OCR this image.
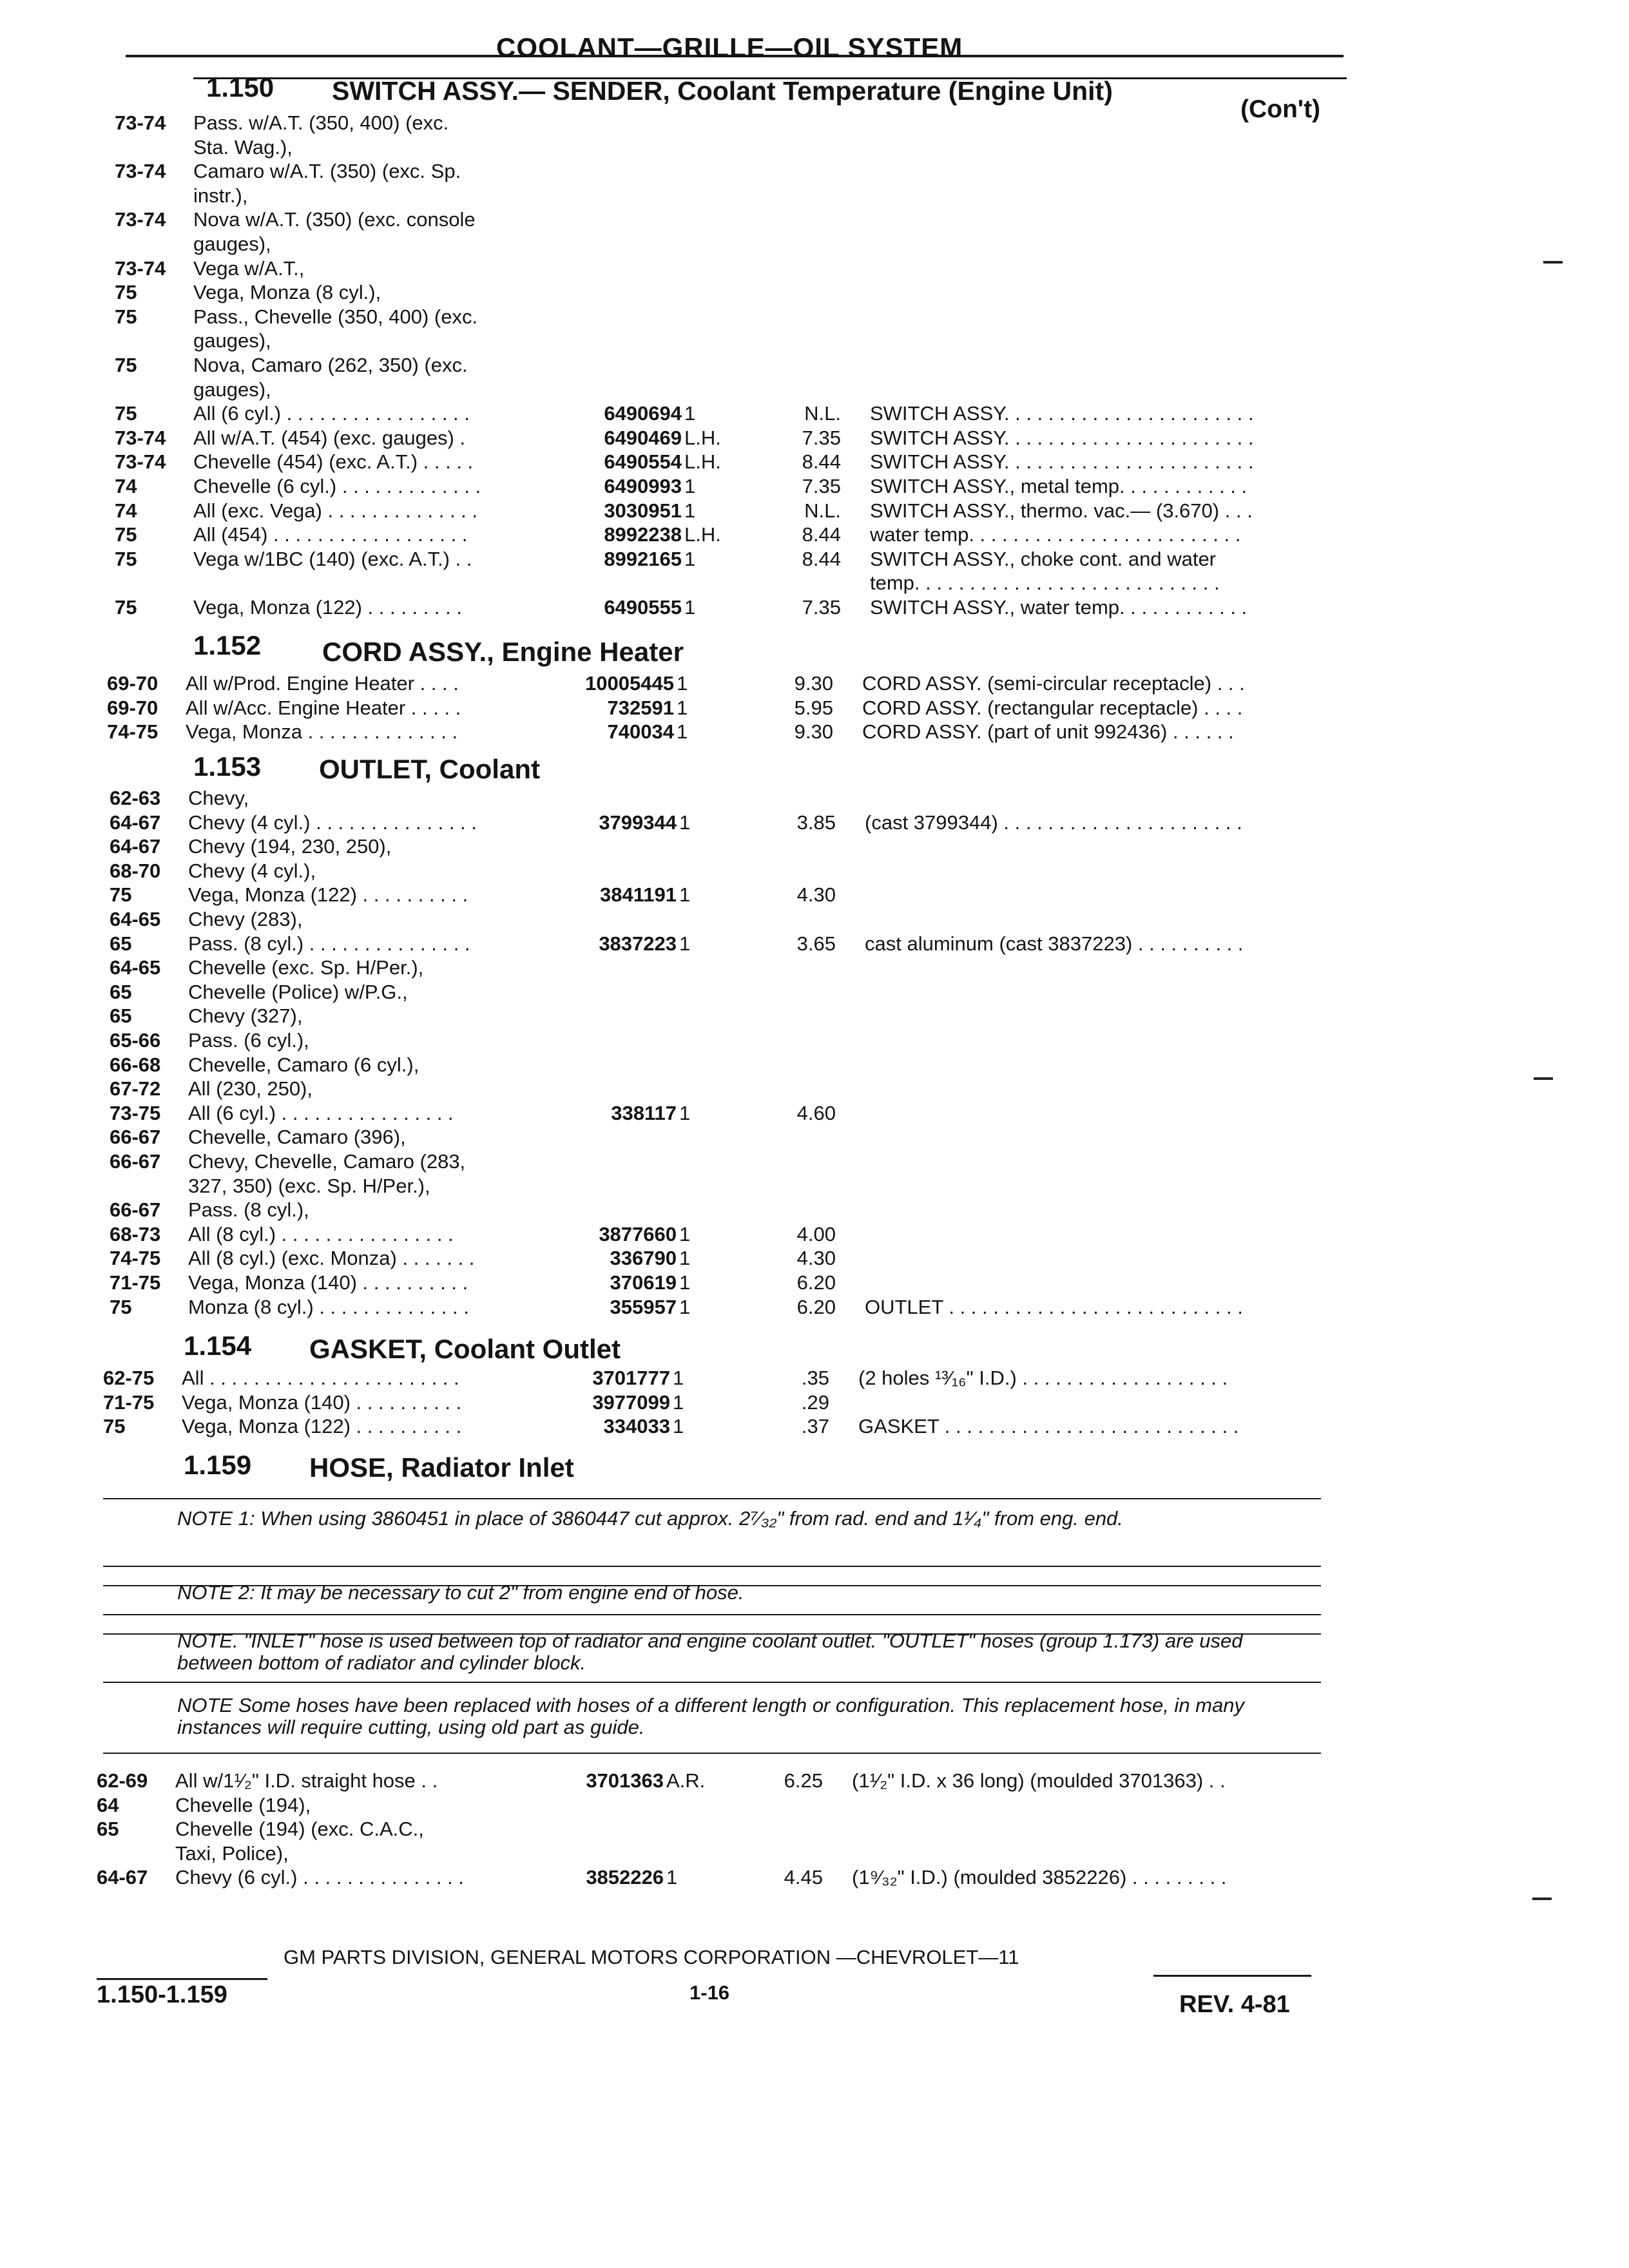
COOLANT—GRILLE—OIL SYSTEM
1.150 SWITCH ASSY.— SENDER, Coolant Temperature (Engine Unit)
(Con't)
73-74 Pass. w/A.T. (350, 400) (exc.
Sta. Wag.),
73-74 Camaro w/A.T. (350) (exc. Sp.
instr.),
73-74 Nova w/A.T. (350) (exc. console
gauges),
73-74 Vega w/A.T.,
75	Vega, Monza (8 cyl.),
75	Pass., Chevelle (350, 400) (exc.
gauges),
75	Nova, Camaro (262, 350) (exc.
gauges),
75	All (6 cyl.) . . . . . . . . . . . . . . . . .	6490694 1	N.L. SWITCH ASSY. . . . . . . . . . . . . . . . . . . . . . .
73-74 All w/A.T. (454) (exc. gauges) .	6490469 L.H.	7.35 SWITCH ASSY. . . . . . . . . . . . . . . . . . . . . . .
73-74 Chevelle (454) (exc. A.T.) . . . . .	6490554 L.H.	8.44 SWITCH ASSY. . . . . . . . . . . . . . . . . . . . . . .
74	Chevelle (6 cyl.) . . . . . . . . . . . . .	6490993 1	7.35 SWITCH ASSY., metal temp. . . . . . . . . . . .
74	All (exc. Vega) . . . . . . . . . . . . . .	3030951 1	N.L. SWITCH ASSY., thermo. vac.— (3.670) . . .
75	All (454) . . . . . . . . . . . . . . . . . .	8992238 L.H.	8.44 water temp. . . . . . . . . . . . . . . . . . . . . . . . .
75	Vega w/1BC (140) (exc. A.T.) . .	8992165 1	8.44 SWITCH ASSY., choke cont. and water
temp. . . . . . . . . . . . . . . . . . . . . . . . . . . .
75	Vega, Monza (122) . . . . . . . . .	6490555 1	7.35 SWITCH ASSY., water temp. . . . . . . . . . . .
69-70 All w/Prod. Engine Heater . . . .	10005445 1	9.30 CORD ASSY. (semi-circular receptacle) . . .
69-70 All w/Acc. Engine Heater . . . . .	732591 1	5.95 CORD ASSY. (rectangular receptacle) . . . .
74-75 Vega, Monza . . . . . . . . . . . . . .	740034 1	9.30 CORD ASSY. (part of unit 992436) . . . . . .
62-63 Chevy,
64-67 Chevy (4 cyl.) . . . . . . . . . . . . . . .	3799344 1	3.85 (cast 3799344) . . . . . . . . . . . . . . . . . . . . . .
64-67 Chevy (194, 230, 250),
68-70 Chevy (4 cyl.),
75	Vega, Monza (122) . . . . . . . . . .	3841191 1	4.30
64-65 Chevy (283),
65	Pass. (8 cyl.) . . . . . . . . . . . . . . .	3837223 1	3.65 cast aluminum (cast 3837223) . . . . . . . . . .
64-65 Chevelle (exc. Sp. H/Per.),
65	Chevelle (Police) w/P.G.,
65	Chevy (327),
65-66 Pass. (6 cyl.),
66-68 Chevelle, Camaro (6 cyl.),
67-72 All (230, 250),
73-75 All (6 cyl.) . . . . . . . . . . . . . . . .	338117 1	4.60
66-67 Chevelle, Camaro (396),
66-67 Chevy, Chevelle, Camaro (283,
327, 350) (exc. Sp. H/Per.),
66-67 Pass. (8 cyl.),
68-73 All (8 cyl.) . . . . . . . . . . . . . . . .	3877660 1	4.00
74-75 All (8 cyl.) (exc. Monza) . . . . . . .	336790 1	4.30
71-75 Vega, Monza (140) . . . . . . . . . .	370619 1	6.20
75	Monza (8 cyl.) . . . . . . . . . . . . . .	355957 1	6.20 OUTLET . . . . . . . . . . . . . . . . . . . . . . . . . . .
62-75 All . . . . . . . . . . . . . . . . . . . . . . .	3701777 1	.35 (2 holes ¹³⁄₁₆" I.D.) . . . . . . . . . . . . . . . . . . .
71-75 Vega, Monza (140) . . . . . . . . . .	3977099 1	.29
75	Vega, Monza (122) . . . . . . . . . .	334033 1	.37 GASKET . . . . . . . . . . . . . . . . . . . . . . . . . . .
62-69 All w/1¹⁄₂" I.D. straight hose . .	3701363 A.R.	6.25 (1¹⁄₂" I.D. x 36 long) (moulded 3701363) . .
64	Chevelle (194),
65	Chevelle (194) (exc. C.A.C.,
Taxi, Police),
64-67 Chevy (6 cyl.) . . . . . . . . . . . . . . .	3852226 1	4.45 (1⁹⁄₃₂" I.D.) (moulded 3852226) . . . . . . . . .
1.152 CORD ASSY., Engine Heater
1.153 OUTLET, Coolant
1.154 GASKET, Coolant Outlet
1.159 HOSE, Radiator Inlet
NOTE 1: When using 3860451 in place of 3860447 cut approx. 2⁷⁄₃₂" from rad. end and 1¹⁄₄" from eng. end.
NOTE 2: It may be necessary to cut 2" from engine end of hose.
NOTE. "INLET" hose is used between top of radiator and engine coolant outlet. "OUTLET" hoses (group 1.173) are used between bottom of radiator and cylinder block.
NOTE Some hoses have been replaced with hoses of a different length or configuration. This replacement hose, in many instances will require cutting, using old part as guide.
GM PARTS DIVISION, GENERAL MOTORS CORPORATION —CHEVROLET—11
1.150-1.159	1-16	REV. 4-81
